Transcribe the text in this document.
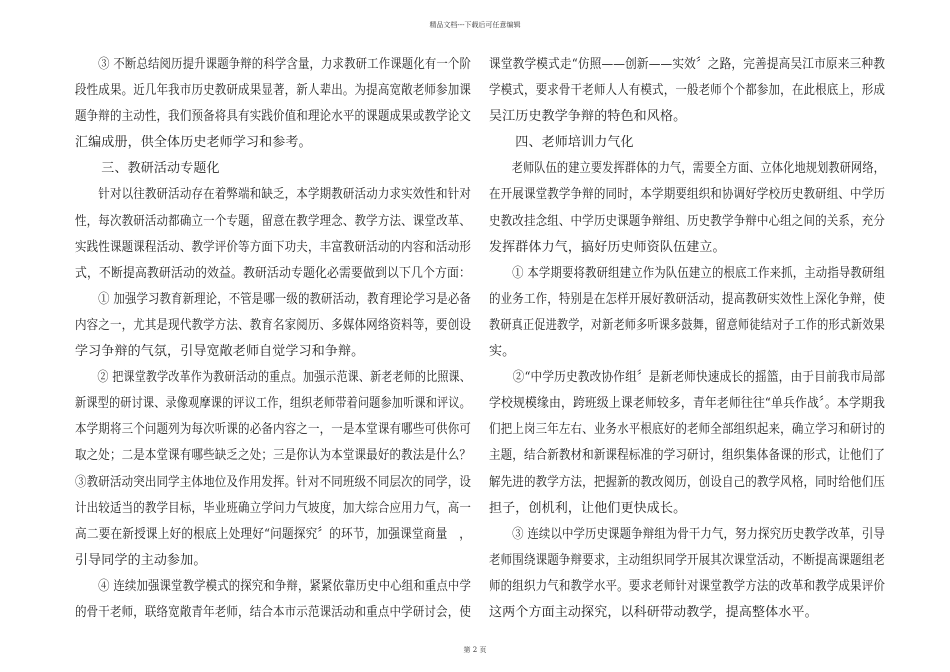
精品文档---下载后可任意编辑

　　③ 不断总结阅历提升课题争辩的科学含量，力求教研工作课题化有一个阶

段性成果。近几年我市历史教研成果显著，新人辈出。为提高宽敞老师参加课

题争辩的主动性，我们预备将具有实践价值和理论水平的课题成果或教学论文

汇编成册，供全体历史老师学习和参考。

　　三、教研活动专题化

　　针对以往教研活动存在着弊端和缺乏，本学期教研活动力求实效性和针对

性，每次教研活动都确立一个专题，留意在教学理念、教学方法、课堂改革、

实践性课题课程活动、教学评价等方面下功夫，丰富教研活动的内容和活动形

式，不断提高教研活动的效益。教研活动专题化必需要做到以下几个方面：

　　① 加强学习教育新理论，不管是哪一级的教研活动，教育理论学习是必备

内容之一，尤其是现代教学方法、教育名家阅历、多媒体网络资料等，要创设

学习争辩的气氛，引导宽敞老师自觉学习和争辩。

　　② 把课堂教学改革作为教研活动的重点。加强示范课、新老老师的比照课、

新课型的研讨课、录像观摩课的评议工作，组织老师带着问题参加听课和评议。

本学期将三个问题列为每次听课的必备内容之一，一是本堂课有哪些可供你可

取之处；二是本堂课有哪些缺乏之处；三是你认为本堂课最好的教法是什么？

③教研活动突出同学主体地位及作用发挥。针对不同班级不同层次的同学，设

计出较适当的教学目标，毕业班确立学问力气坡度，加大综合应用力气，高一

高二要在新授课上好的根底上处理好“问题探究〞的环节，加强课堂商量　，

引导同学的主动参加。

　　④ 连续加强课堂教学模式的探究和争辩，紧紧依靠历史中心组和重点中学

的骨干老师，联络宽敞青年老师，结合本市示范课活动和重点中学研讨会，使

课堂教学模式走“仿照——创新——实效〞之路，完善提高吴江市原来三种教

学模式，要求骨干老师人人有模式，一般老师个个都参加，在此根底上，形成

吴江历史教学争辩的特色和风格。

　　四、老师培训力气化

　　老师队伍的建立要发挥群体的力气，需要全方面、立体化地规划教研网络，

在开展课堂教学争辩的同时，本学期要组织和协调好学校历史教研组、中学历

史教改挂念组、中学历史课题争辩组、历史教学争辩中心组之间的关系，充分

发挥群体力气，搞好历史师资队伍建立。

　　① 本学期要将教研组建立作为队伍建立的根底工作来抓，主动指导教研组

的业务工作，特别是在怎样开展好教研活动，提高教研实效性上深化争辩，使

教研真正促进教学，对新老师多听课多鼓舞，留意师徒结对子工作的形式新效果

实。

　　②“中学历史教改协作组〞是新老师快速成长的摇篮，由于目前我市局部

学校规模缘由，跨班级上课老师较多，青年老师往往“单兵作战〞。本学期我

们把上岗三年左右、业务水平根底好的老师全部组织起来，确立学习和研讨的

主题，结合新教材和新课程标准的学习研讨，组织集体备课的形式，让他们了

解先进的教学方法，把握新的教改阅历，创设自己的教学风格，同时给他们压

担子，创机利，让他们更快成长。

　　③ 连续以中学历史课题争辩组为骨干力气，努力探究历史教学改革，引导

老师围绕课题争辩要求，主动组织同学开展其次课堂活动，不断提高课题组老

师的组织力气和教学水平。要求老师针对课堂教学方法的改革和教学成果评价

这两个方面主动探究，以科研带动教学，提高整体水平。

第 2 页
